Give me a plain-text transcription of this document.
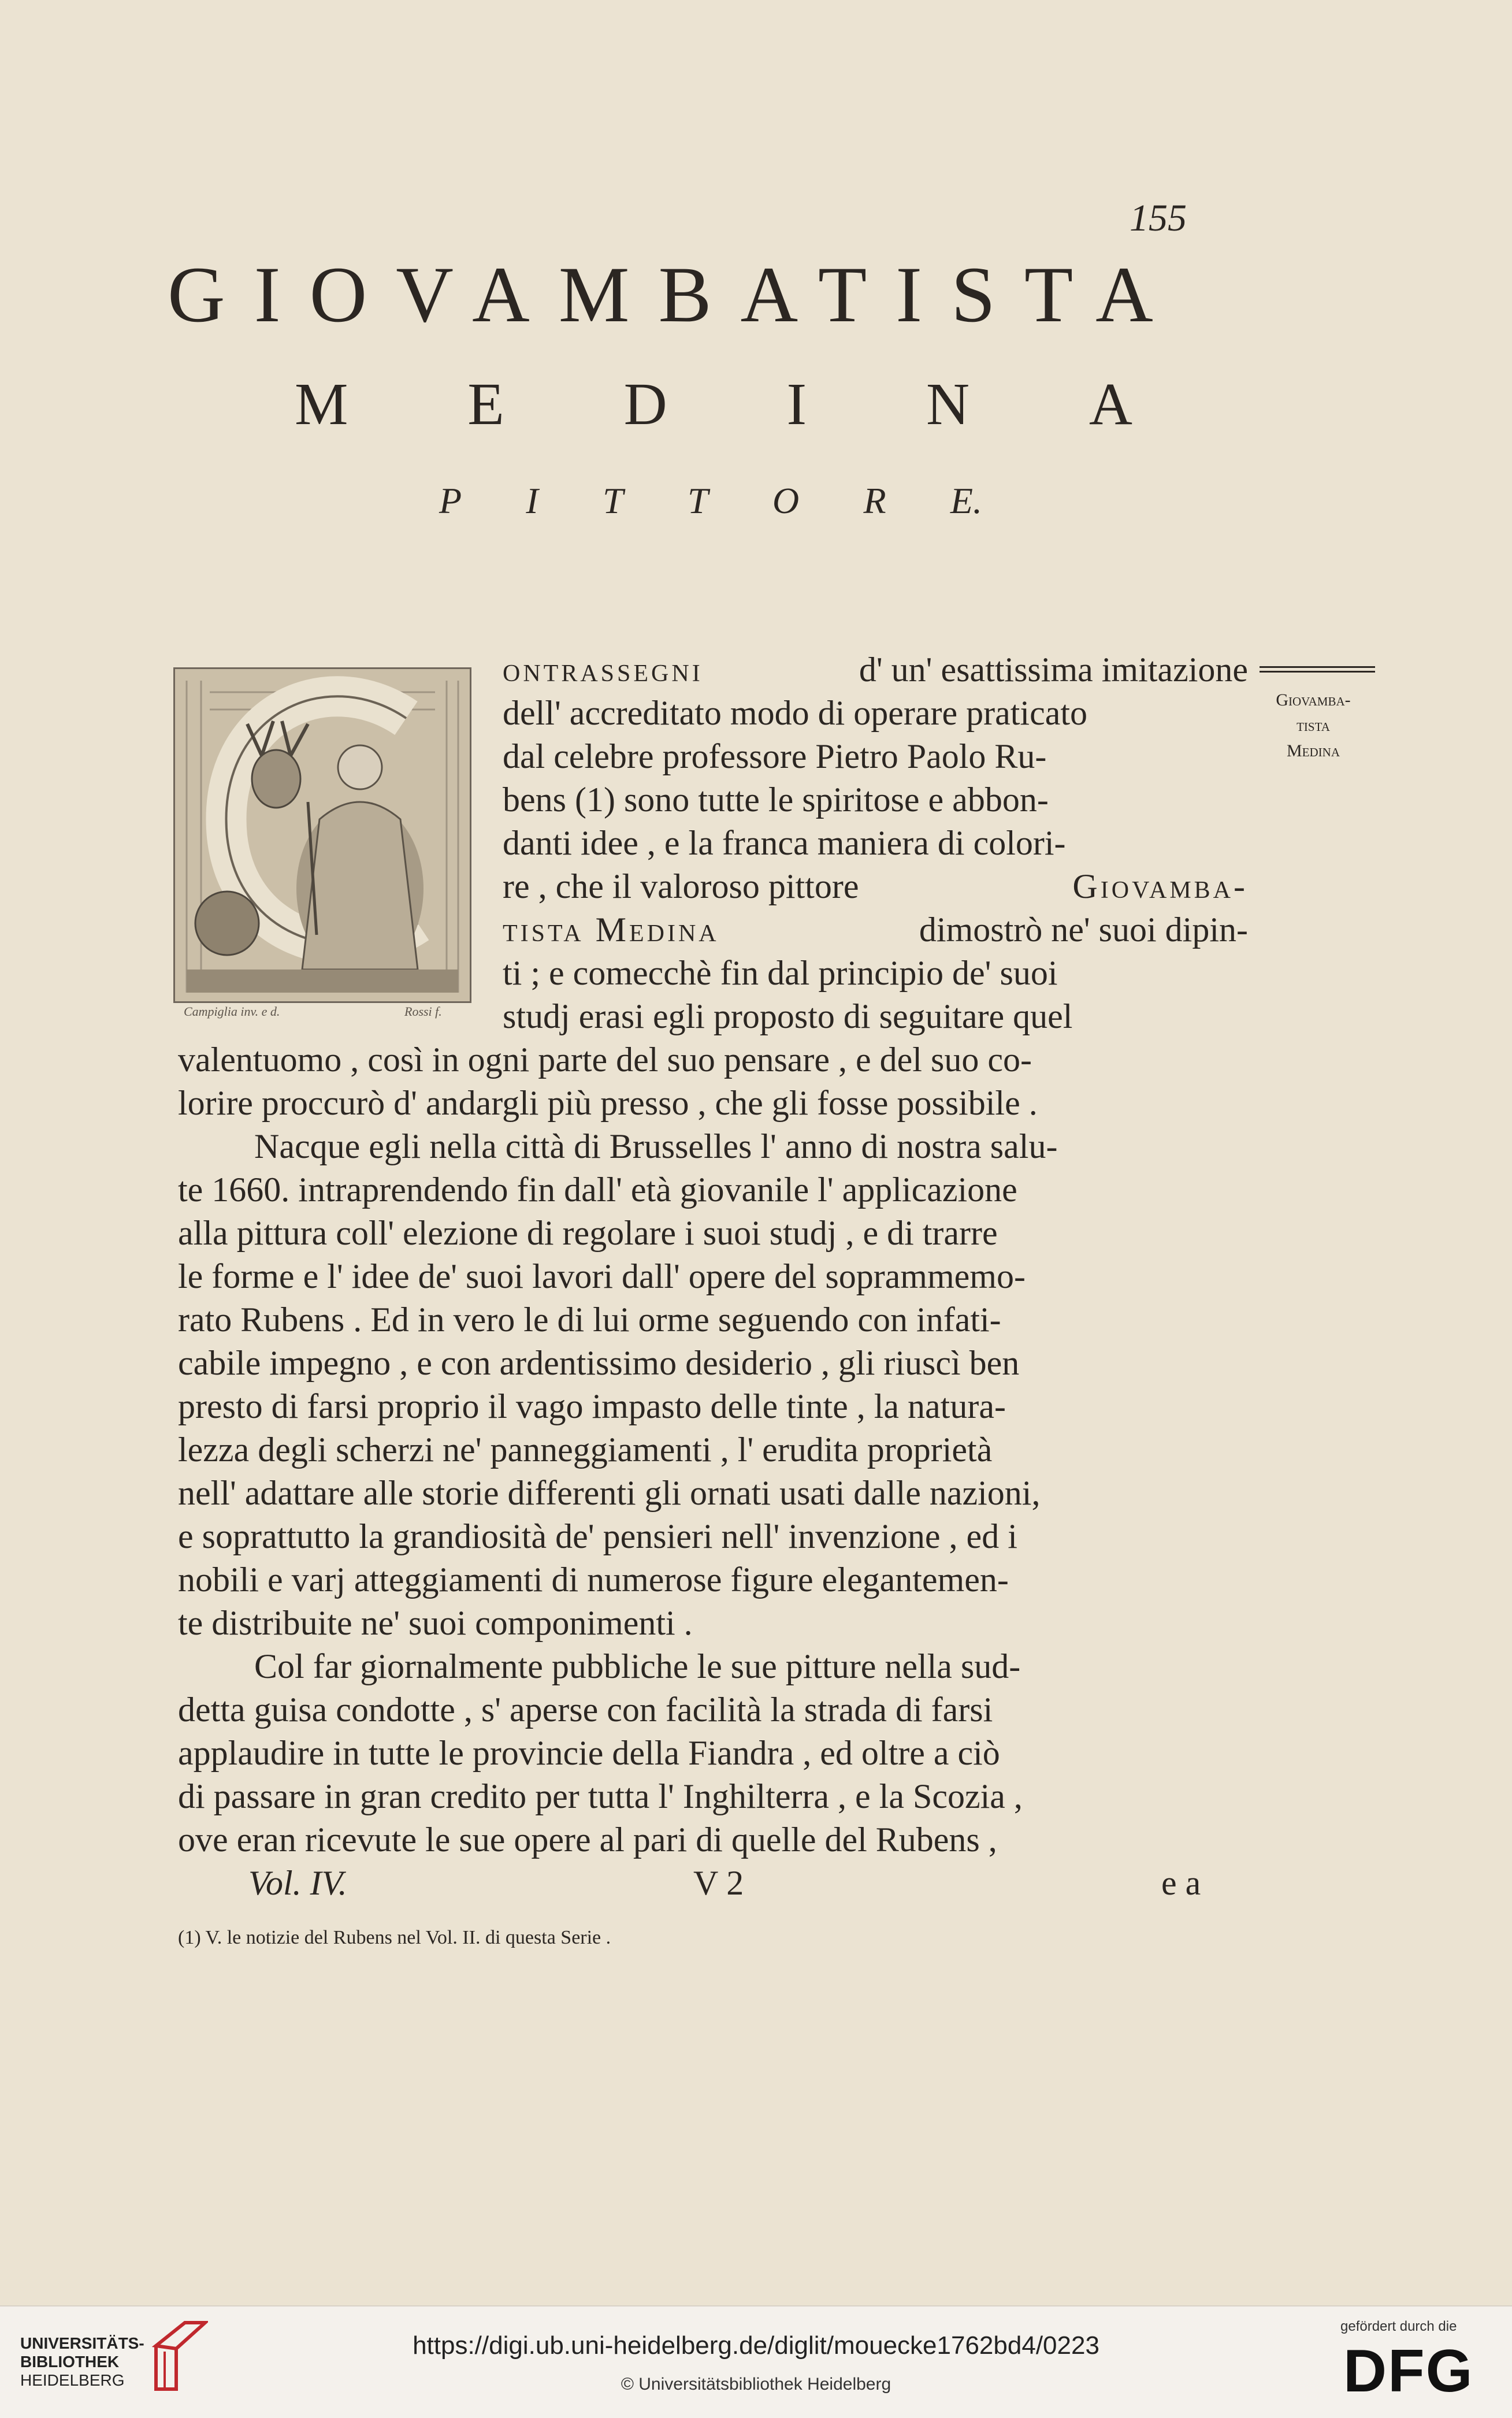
155
GIOVAMBATISTA
M E D I N A
P I T T O R E.
Campiglia inv. e d.	Rossi f.
Giovamba-
tista
Medina
ontrassegni	d' un' esattissima imitazione
dell' accreditato modo di operare praticato
dal celebre professore Pietro Paolo Ru-
bens (1) sono tutte le spiritose e abbon-
danti idee , e la franca maniera di colori-
re , che il valoroso pittore	Giovamba-
tista Medina	dimostrò ne' suoi dipin-
ti ; e comecchè fin dal principio de' suoi
studj erasi egli proposto di seguitare quel
valentuomo , così in ogni parte del suo pensare , e del suo co-
lorire proccurò d' andargli più presso , che gli fosse possibile .
Nacque egli nella città di Brusselles l' anno di nostra salu-
te 1660. intraprendendo fin dall' età giovanile l' applicazione
alla pittura coll' elezione di regolare i suoi studj , e di trarre
le forme e l' idee de' suoi lavori dall' opere del soprammemo-
rato Rubens . Ed in vero le di lui orme seguendo con infati-
cabile impegno , e con ardentissimo desiderio , gli riuscì ben
presto di farsi proprio il vago impasto delle tinte , la natura-
lezza degli scherzi ne' panneggiamenti , l' erudita proprietà
nell' adattare alle storie differenti gli ornati usati dalle nazioni,
e soprattutto la grandiosità de' pensieri nell' invenzione , ed i
nobili e varj atteggiamenti di numerose figure elegantemen-
te distribuite ne' suoi componimenti .
Col far giornalmente pubbliche le sue pitture nella sud-
detta guisa condotte , s' aperse con facilità la strada di farsi
applaudire in tutte le provincie della Fiandra , ed oltre a ciò
di passare in gran credito per tutta l' Inghilterra , e la Scozia ,
ove eran ricevute le sue opere al pari di quelle del Rubens ,
Vol. IV.	V 2	e a
(1) V. le notizie del Rubens nel Vol. II. di questa Serie .
UNIVERSITÄTS-
BIBLIOTHEK
HEIDELBERG
https://digi.ub.uni-heidelberg.de/diglit/mouecke1762bd4/0223
© Universitätsbibliothek Heidelberg
gefördert durch die
DFG
